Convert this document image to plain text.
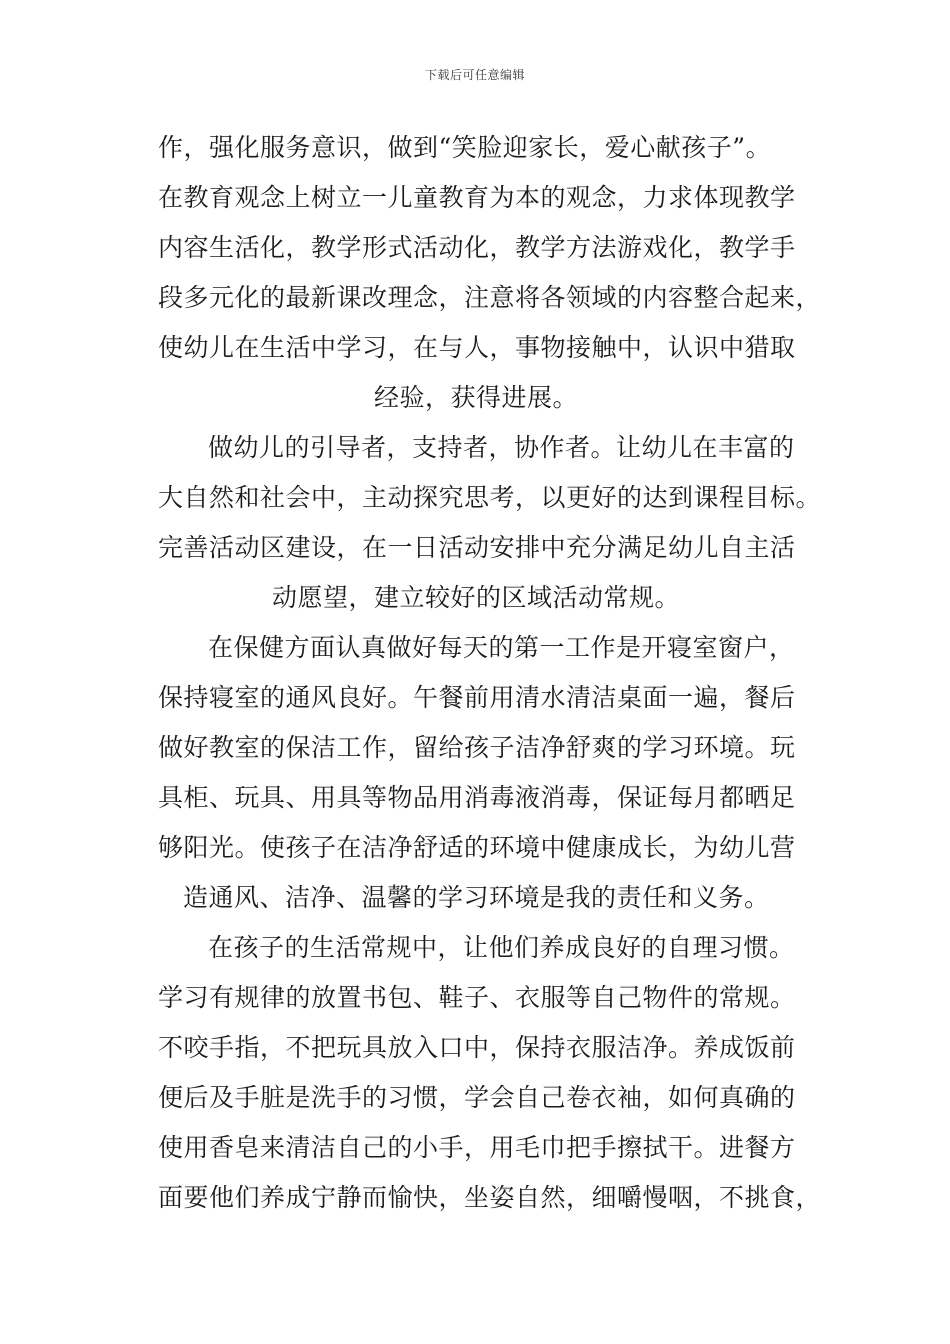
下载后可任意编辑
作，强化服务意识，做到“笑脸迎家长，爱心献孩子”。
在教育观念上树立一儿童教育为本的观念，力求体现教学
内容生活化，教学形式活动化，教学方法游戏化，教学手
段多元化的最新课改理念，注意将各领域的内容整合起来，
使幼儿在生活中学习，在与人，事物接触中，认识中猎取
经验，获得进展。
做幼儿的引导者，支持者，协作者。让幼儿在丰富的
大自然和社会中，主动探究思考，以更好的达到课程目标。
完善活动区建设，在一日活动安排中充分满足幼儿自主活
动愿望，建立较好的区域活动常规。
在保健方面认真做好每天的第一工作是开寝室窗户，
保持寝室的通风良好。午餐前用清水清洁桌面一遍，餐后
做好教室的保洁工作，留给孩子洁净舒爽的学习环境。玩
具柜、玩具、用具等物品用消毒液消毒，保证每月都晒足
够阳光。使孩子在洁净舒适的环境中健康成长，为幼儿营
造通风、洁净、温馨的学习环境是我的责任和义务。
在孩子的生活常规中，让他们养成良好的自理习惯。
学习有规律的放置书包、鞋子、衣服等自己物件的常规。
不咬手指，不把玩具放入口中，保持衣服洁净。养成饭前
便后及手脏是洗手的习惯，学会自己卷衣袖，如何真确的
使用香皂来清洁自己的小手，用毛巾把手擦拭干。进餐方
面要他们养成宁静而愉快，坐姿自然，细嚼慢咽，不挑食，
